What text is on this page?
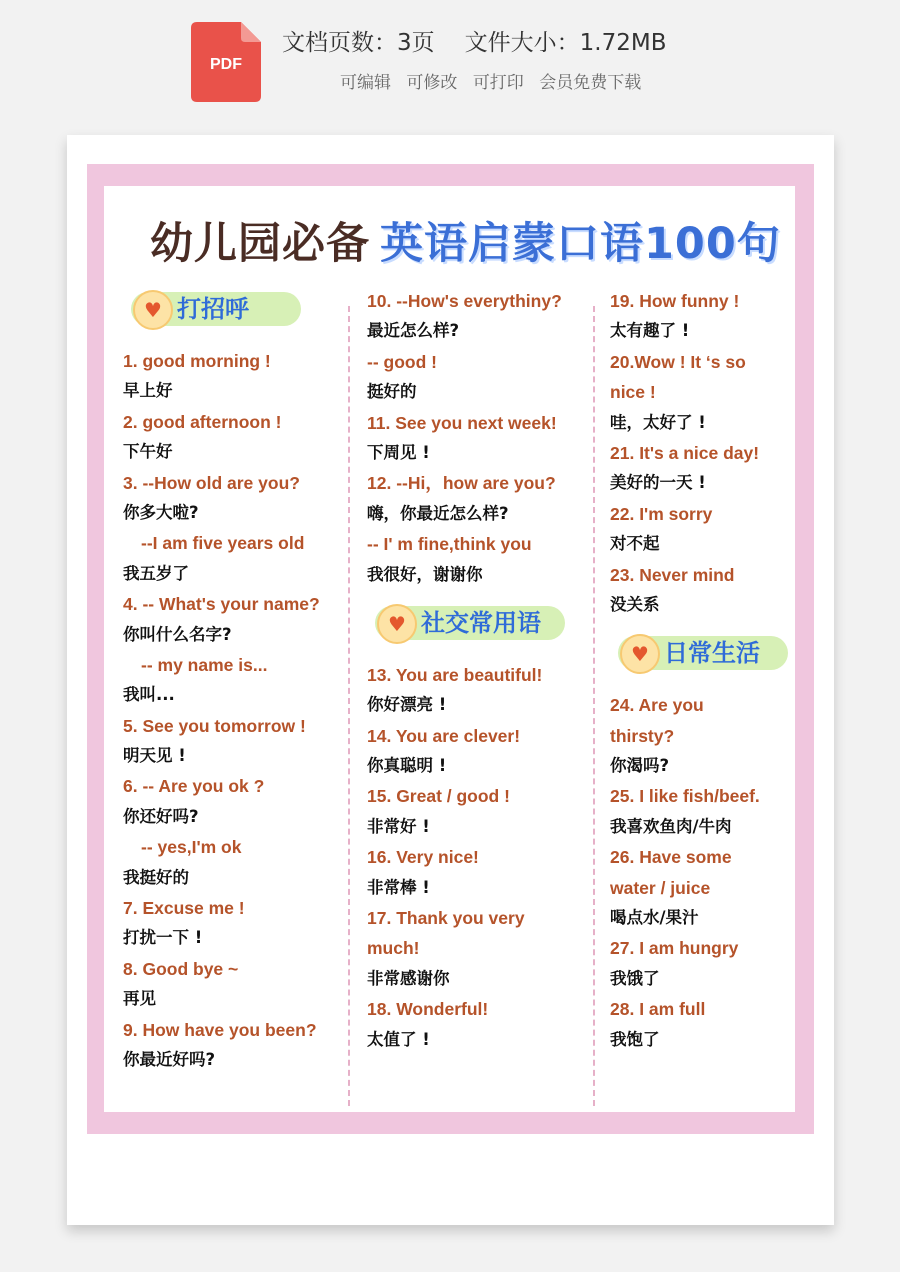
PDF
文档页数：3页 文件大小：1.72MB
可编辑 可修改 可打印 会员免费下载
幼儿园必备 英语启蒙口语100句
♥ 打招呼
1. good morning !
早上好
2. good afternoon !
下午好
3. --How old are you?
你多大啦?
--I am five years old
我五岁了
4. -- What's your name?
你叫什么名字?
-- my name is...
我叫...
5. See you tomorrow !
明天见 !
6. -- Are you ok ?
你还好吗?
-- yes,I'm ok
我挺好的
7. Excuse me !
打扰一下 !
8. Good bye ~
再见
9. How have you been?
你最近好吗?
10. --How's everythiny?
最近怎么样?
-- good !
挺好的
11. See you next week!
下周见 !
12. --Hi，how are you?
嗨，你最近怎么样?
-- I' m fine,think you
我很好，谢谢你
♥ 社交常用语
13. You are beautiful!
你好漂亮 !
14. You are clever!
你真聪明 !
15. Great / good !
非常好 !
16. Very nice!
非常棒 !
17. Thank you very
much!
非常感谢你
18. Wonderful!
太值了 !
19. How funny !
太有趣了 !
20.Wow ! It ‘s so
nice !
哇，太好了 !
21. It's a nice day!
美好的一天 !
22. I'm sorry
对不起
23. Never mind
没关系
♥ 日常生活
24. Are you
thirsty?
你渴吗?
25. I like fish/beef.
我喜欢鱼肉/牛肉
26. Have some
water / juice
喝点水/果汁
27. I am hungry
我饿了
28. I am full
我饱了
